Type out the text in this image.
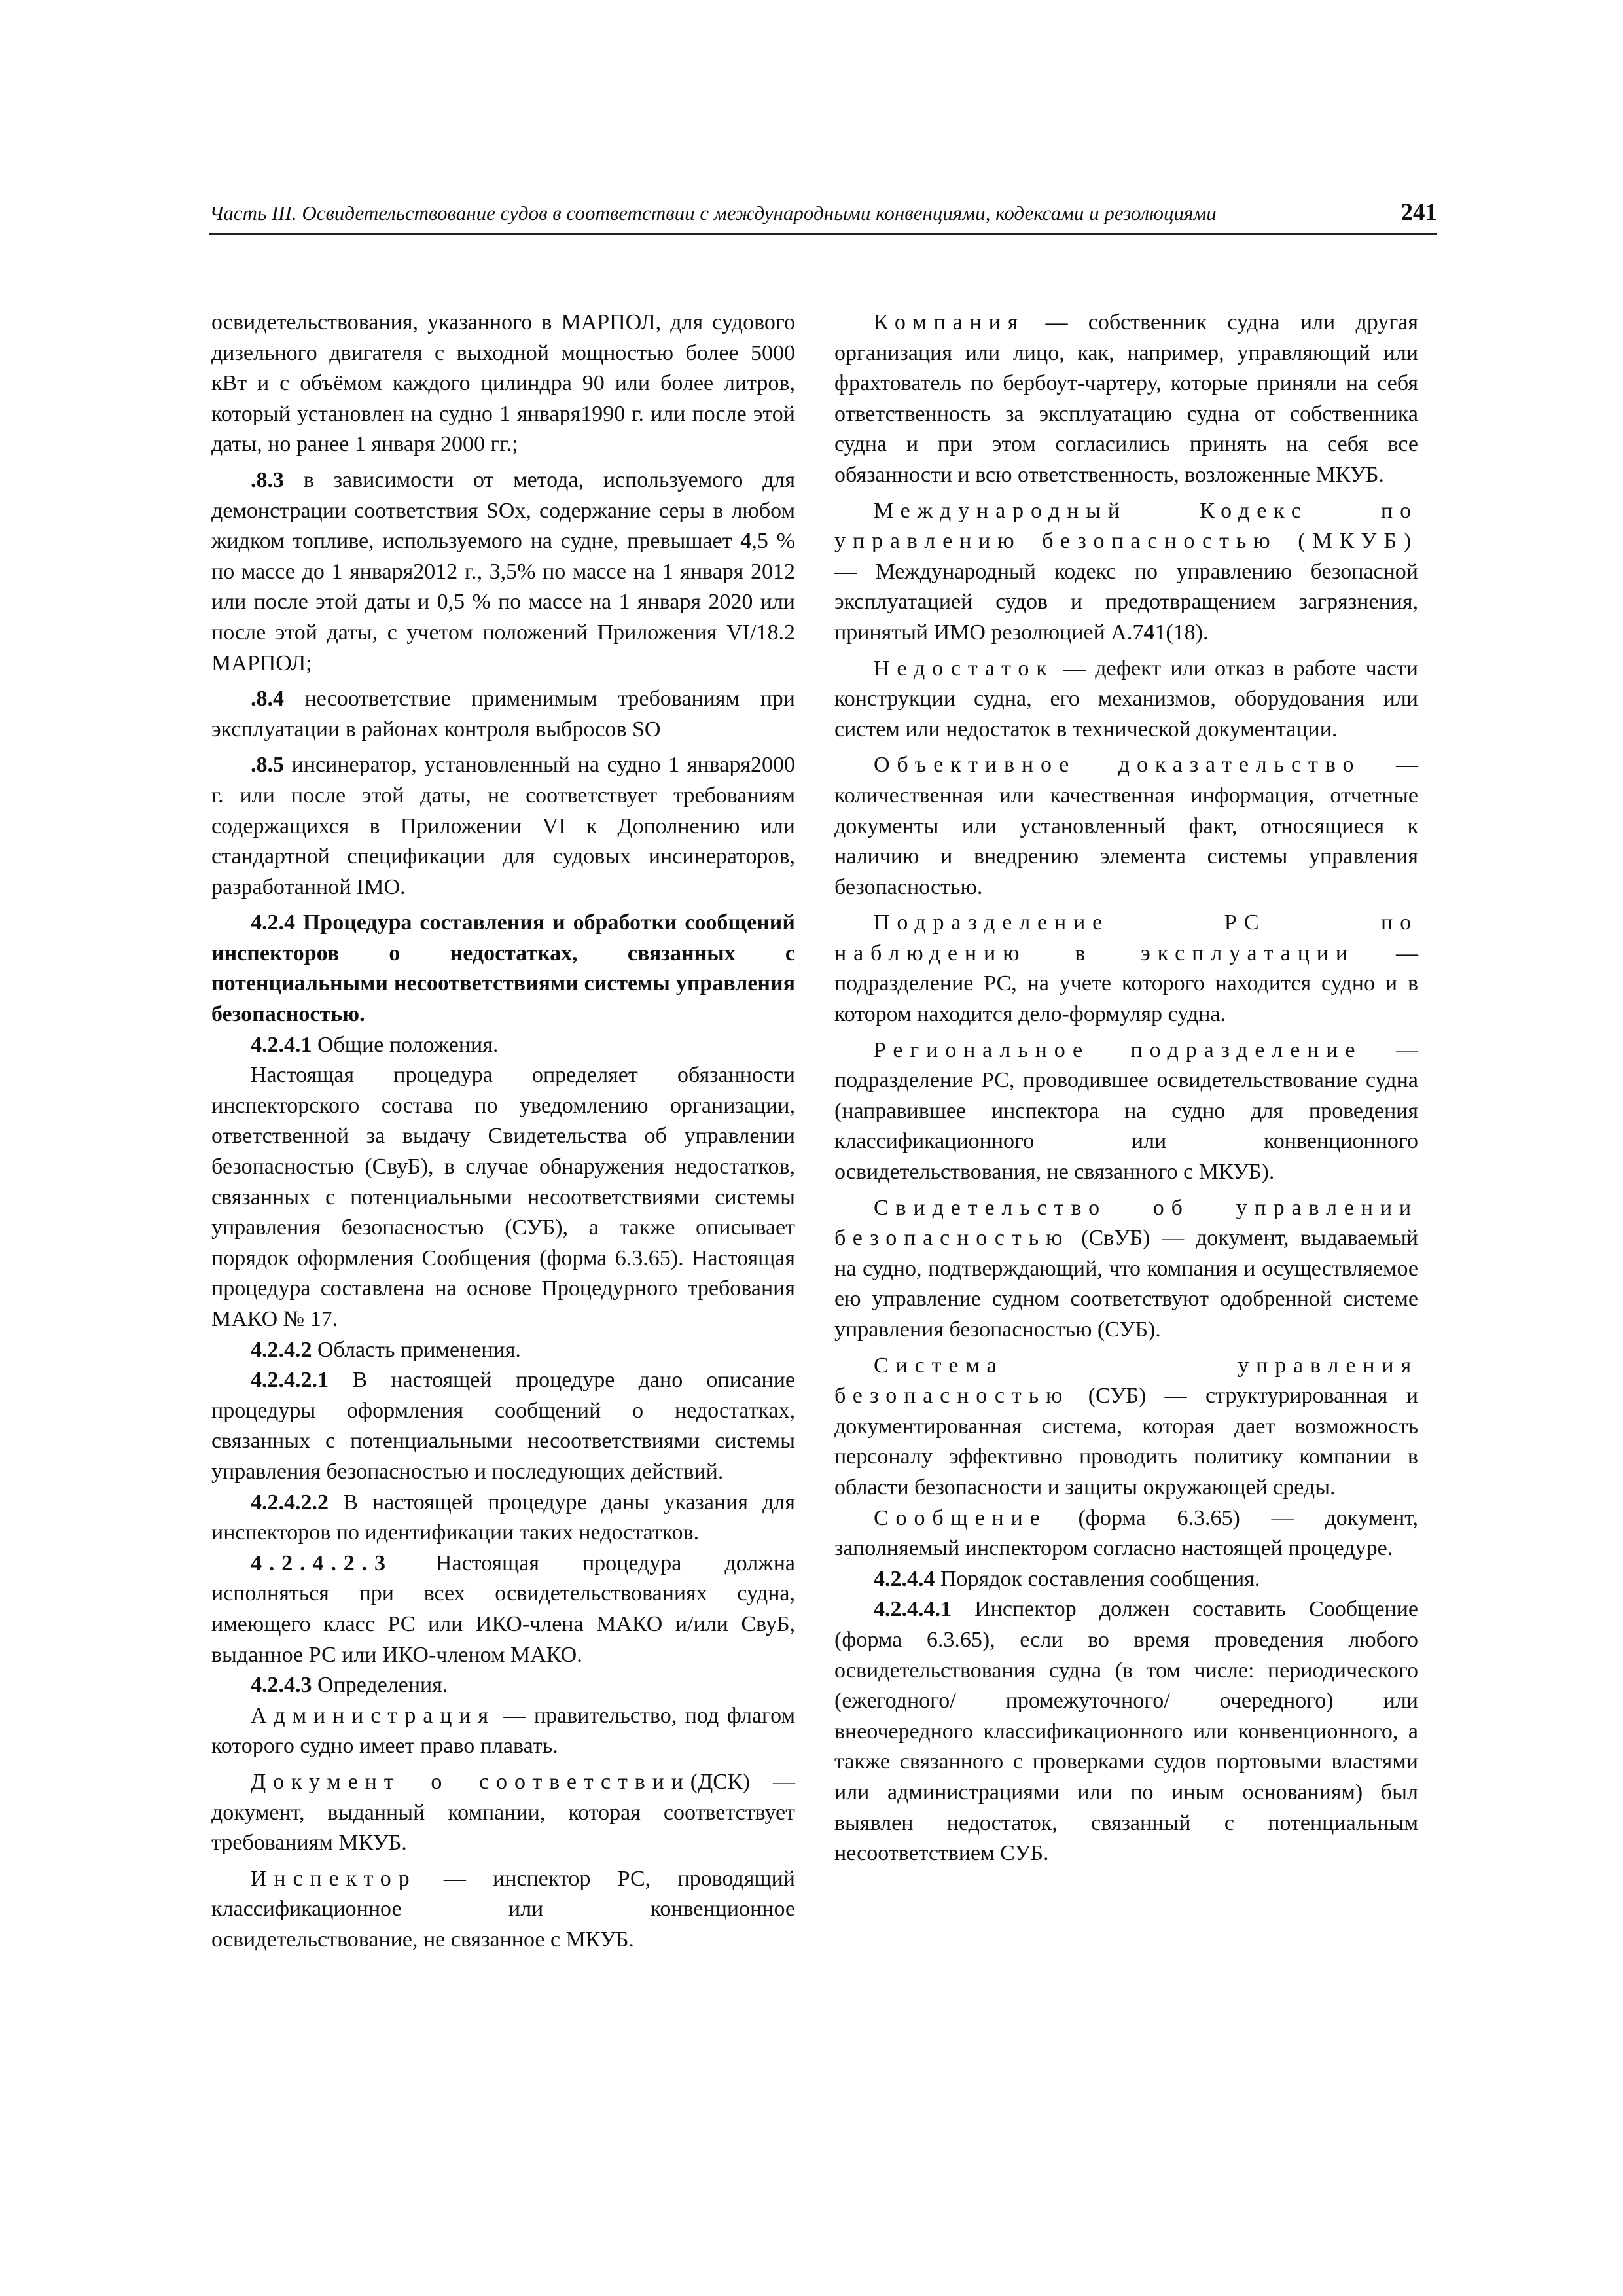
Часть III. Освидетельствование судов в соответствии с международными конвенциями, кодексами и резолюциями	241

освидетельствования, указанного в МАРПОЛ, для судового дизельного двигателя с выходной мощностью более 5000 кВт и с объёмом каждого цилиндра 90 или более литров, который установлен на судно 1 января1990 г. или после этой даты, но ранее 1 января 2000 гг.;

.8.3 в зависимости от метода, используемого для демонстрации соответствия SOx, содержание серы в любом жидком топливе, используемого на судне, превышает 4,5 % по массе до 1 января2012 г., 3,5% по массе на 1 января 2012 или после этой даты и 0,5 % по массе на 1 января 2020 или после этой даты, с учетом положений Приложения VI/18.2 МАРПОЛ;

.8.4 несоответствие применимым требованиям при эксплуатации в районах контроля выбросов SO

.8.5 инсинератор, установленный на судно 1 января2000 г. или после этой даты, не соответствует требованиям содержащихся в Приложении VI к Дополнению или стандартной спецификации для судовых инсинераторов, разработанной IMO.

4.2.4 Процедура составления и обработки сообщений инспекторов о недостатках, связанных с потенциальными несоответствиями системы управления безопасностью.

4.2.4.1 Общие положения.

Настоящая процедура определяет обязанности инспекторского состава по уведомлению организации, ответственной за выдачу Свидетельства об управлении безопасностью (СвуБ), в случае обнаружения недостатков, связанных с потенциальными несоответствиями системы управления безопасностью (СУБ), а также описывает порядок оформления Сообщения (форма 6.3.65). Настоящая процедура составлена на основе Процедурного требования МАКО № 17.

4.2.4.2 Область применения.

4.2.4.2.1 В настоящей процедуре дано описание процедуры оформления сообщений о недостатках, связанных с потенциальными несоответствиями системы управления безопасностью и последующих действий.

4.2.4.2.2 В настоящей процедуре даны указания для инспекторов по идентификации таких недостатков.

4.2.4.2.3 Настоящая процедура должна исполняться при всех освидетельствованиях судна, имеющего класс РС или ИКО-члена МАКО и/или СвуБ, выданное РС или ИКО-членом МАКО.

4.2.4.3 Определения.

Администрация — правительство, под флагом которого судно имеет право плавать.

Документ о соответствии(ДСК) — документ, выданный компании, которая соответствует требованиям МКУБ.

Инспектор — инспектор РС, проводящий классификационное или конвенционное освидетельствование, не связанное с МКУБ.

Компания — собственник судна или другая организация или лицо, как, например, управляющий или фрахтователь по бербоут-чартеру, которые приняли на себя ответственность за эксплуатацию судна от собственника судна и при этом согласились принять на себя все обязанности и всю ответственность, возложенные МКУБ.

Международный Кодекс по управлению безопасностью (МКУБ) — Международный кодекс по управлению безопасной эксплуатацией судов и предотвращением загрязнения, принятый ИМО резолюцией А.741(18).

Недостаток — дефект или отказ в работе части конструкции судна, его механизмов, оборудования или систем или недостаток в технической документации.

Объективное доказательство — количественная или качественная информация, отчетные документы или установленный факт, относящиеся к наличию и внедрению элемента системы управления безопасностью.

Подразделение РС по наблюдению в эксплуатации — подразделение РС, на учете которого находится судно и в котором находится дело-формуляр судна.

Региональное подразделение — подразделение РС, проводившее освидетельствование судна (направившее инспектора на судно для проведения классификационного или конвенционного освидетельствования, не связанного с МКУБ).

Свидетельство об управлении безопасностью (СвУБ) — документ, выдаваемый на судно, подтверждающий, что компания и осуществляемое ею управление судном соответствуют одобренной системе управления безопасностью (СУБ).

Система управления безопасностью (СУБ) — структурированная и документированная система, которая дает возможность персоналу эффективно проводить политику компании в области безопасности и защиты окружающей среды.

Сообщение (форма 6.3.65) — документ, заполняемый инспектором согласно настоящей процедуре.

4.2.4.4 Порядок составления сообщения.

4.2.4.4.1 Инспектор должен составить Сообщение (форма 6.3.65), если во время проведения любого освидетельствования судна (в том числе: периодического (ежегодного/ промежуточного/ очередного) или внеочередного классификационного или конвенционного, а также связанного с проверками судов портовыми властями или администрациями или по иным основаниям) был выявлен недостаток, связанный с потенциальным несоответствием СУБ.
